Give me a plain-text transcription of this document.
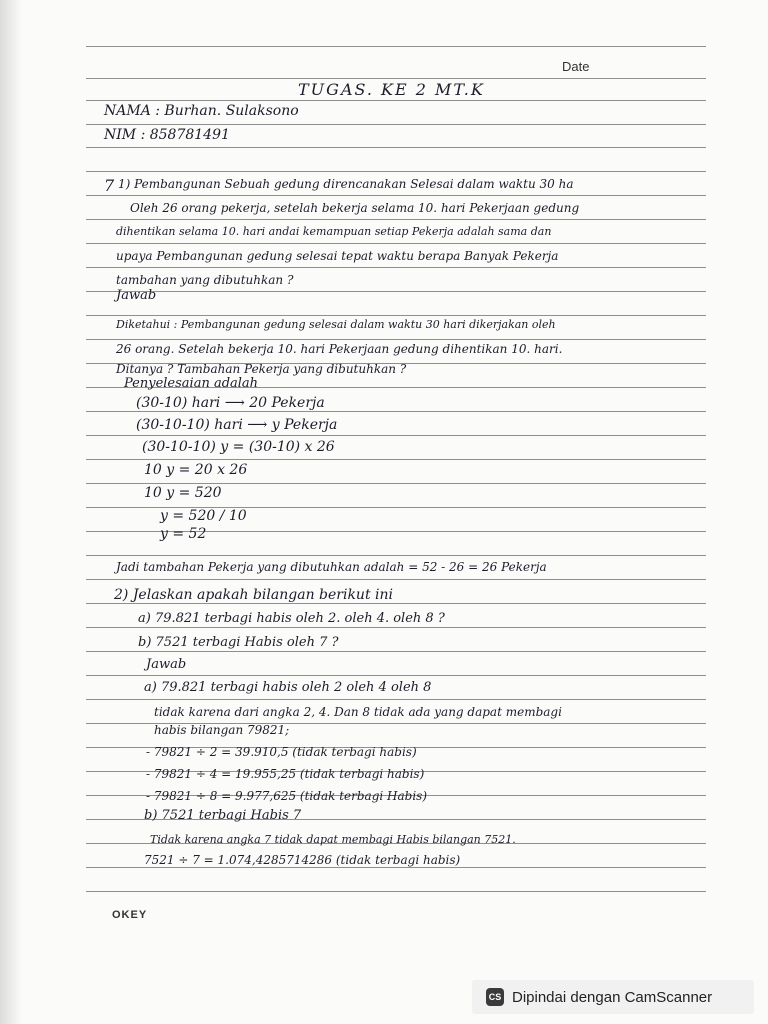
Date

TUGAS. KE 2 MT.K

NAMA : Burhan. Sulaksono

NIM : 858781491

7 1) Pembangunan Sebuah gedung direncanakan Selesai dalam waktu 30 ha

Oleh 26 orang pekerja, setelah bekerja selama 10. hari Pekerjaan gedung

dihentikan selama 10. hari andai kemampuan setiap Pekerja adalah sama dan

upaya Pembangunan gedung selesai tepat waktu berapa Banyak Pekerja

tambahan yang dibutuhkan ?

Jawab

Diketahui : Pembangunan gedung selesai dalam waktu 30 hari dikerjakan oleh

26 orang. Setelah bekerja 10. hari Pekerjaan gedung dihentikan 10. hari.

Ditanya ? Tambahan Pekerja yang dibutuhkan ?

Penyelesaian adalah

(30-10) hari ⟶ 20 Pekerja

(30-10-10) hari ⟶ y Pekerja

(30-10-10) y = (30-10) x 26

10 y = 20 x 26

10 y = 520

y = 520 / 10

y = 52

Jadi tambahan Pekerja yang dibutuhkan adalah = 52 - 26 = 26 Pekerja

2) Jelaskan apakah bilangan berikut ini

a) 79.821 terbagi habis oleh 2. oleh 4. oleh 8 ?

b) 7521 terbagi Habis oleh 7 ?

Jawab

a) 79.821 terbagi habis oleh 2 oleh 4 oleh 8

tidak karena dari angka 2, 4. Dan 8 tidak ada yang dapat membagi

habis bilangan 79821;

- 79821 ÷ 2 = 39.910,5 (tidak terbagi habis)

- 79821 ÷ 4 = 19.955,25 (tidak terbagi habis)

- 79821 ÷ 8 = 9.977,625 (tidak terbagi Habis)

b) 7521 terbagi Habis 7

Tidak karena angka 7 tidak dapat membagi Habis bilangan 7521.

7521 ÷ 7 = 1.074,4285714286 (tidak terbagi habis)

OKEY
CS Dipindai dengan CamScanner
